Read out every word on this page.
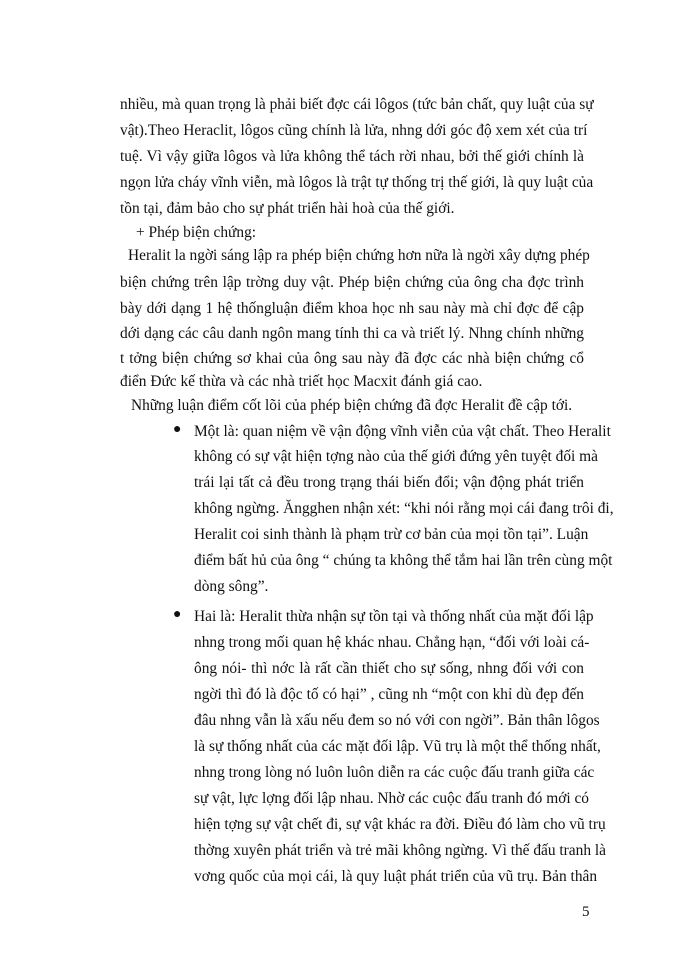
nhiều, mà quan trọng là phải biết đợc cái lôgos (tức bản chất, quy luật của sự
vật).Theo Heraclit, lôgos cũng chính là lửa, nhng dới góc độ xem xét của trí
tuệ. Vì vậy giữa lôgos và lửa không thể tách rời nhau, bởi thế giới chính là
ngọn lửa cháy vĩnh viễn, mà lôgos là trật tự thống trị thế giới, là quy luật của
tồn tại, đảm bảo cho sự phát triển hài hoà của thế giới.
+ Phép biện chứng:
Heralit la ngời sáng lập ra phép biện chứng hơn nữa là ngời xây dựng phép
biện chứng trên lập trờng duy vật. Phép biện chứng của ông cha đợc trình
bày dới dạng 1 hệ thốngluận điểm khoa học nh sau này mà chỉ đợc để cập
dới dạng các câu danh ngôn mang tính thi ca và triết lý. Nhng chính những
t tởng biện chứng sơ khai của ông sau này đã đợc các nhà biện chứng cổ
điển Đức kế thừa và các nhà triết học Macxit đánh giá cao.
Những luận điểm cốt lõi của phép biện chứng đã đợc Heralit đề cập tới.
● Một là: quan niệm về vận động vĩnh viễn của vật chất. Theo Heralit
không có sự vật hiện tợng nào của thế giới đứng yên tuyệt đối mà
trái lại tất cả đều trong trạng thái biến đổi; vận động phát triển
không ngừng. Ăngghen nhận xét: “khi nói rằng mọi cái đang trôi đi,
Heralit coi sinh thành là phạm trừ cơ bản của mọi tồn tại”. Luận
điểm bất hủ của ông “ chúng ta không thể tắm hai lần trên cùng một
dòng sông”.
● Hai là: Heralit thừa nhận sự tồn tại và thống nhất của mặt đối lập
nhng trong mối quan hệ khác nhau. Chẳng hạn, “đối với loài cá-
ông nói- thì nớc là rất cần thiết cho sự sống, nhng đối với con
ngời thì đó là độc tố có hại” , cũng nh “một con khỉ dù đẹp đến
đâu nhng vẫn là xấu nếu đem so nó với con ngời”. Bản thân lôgos
là sự thống nhất của các mặt đối lập. Vũ trụ là một thể thống nhất,
nhng trong lòng nó luôn luôn diễn ra các cuộc đấu tranh giữa các
sự vật, lực lợng đối lập nhau. Nhờ các cuộc đấu tranh đó mới có
hiện tợng sự vật chết đi, sự vật khác ra đời. Điều đó làm cho vũ trụ
thờng xuyên phát triển và trẻ mãi không ngừng. Vì thế đấu tranh là
vơng quốc của mọi cái, là quy luật phát triển của vũ trụ. Bản thân
5
